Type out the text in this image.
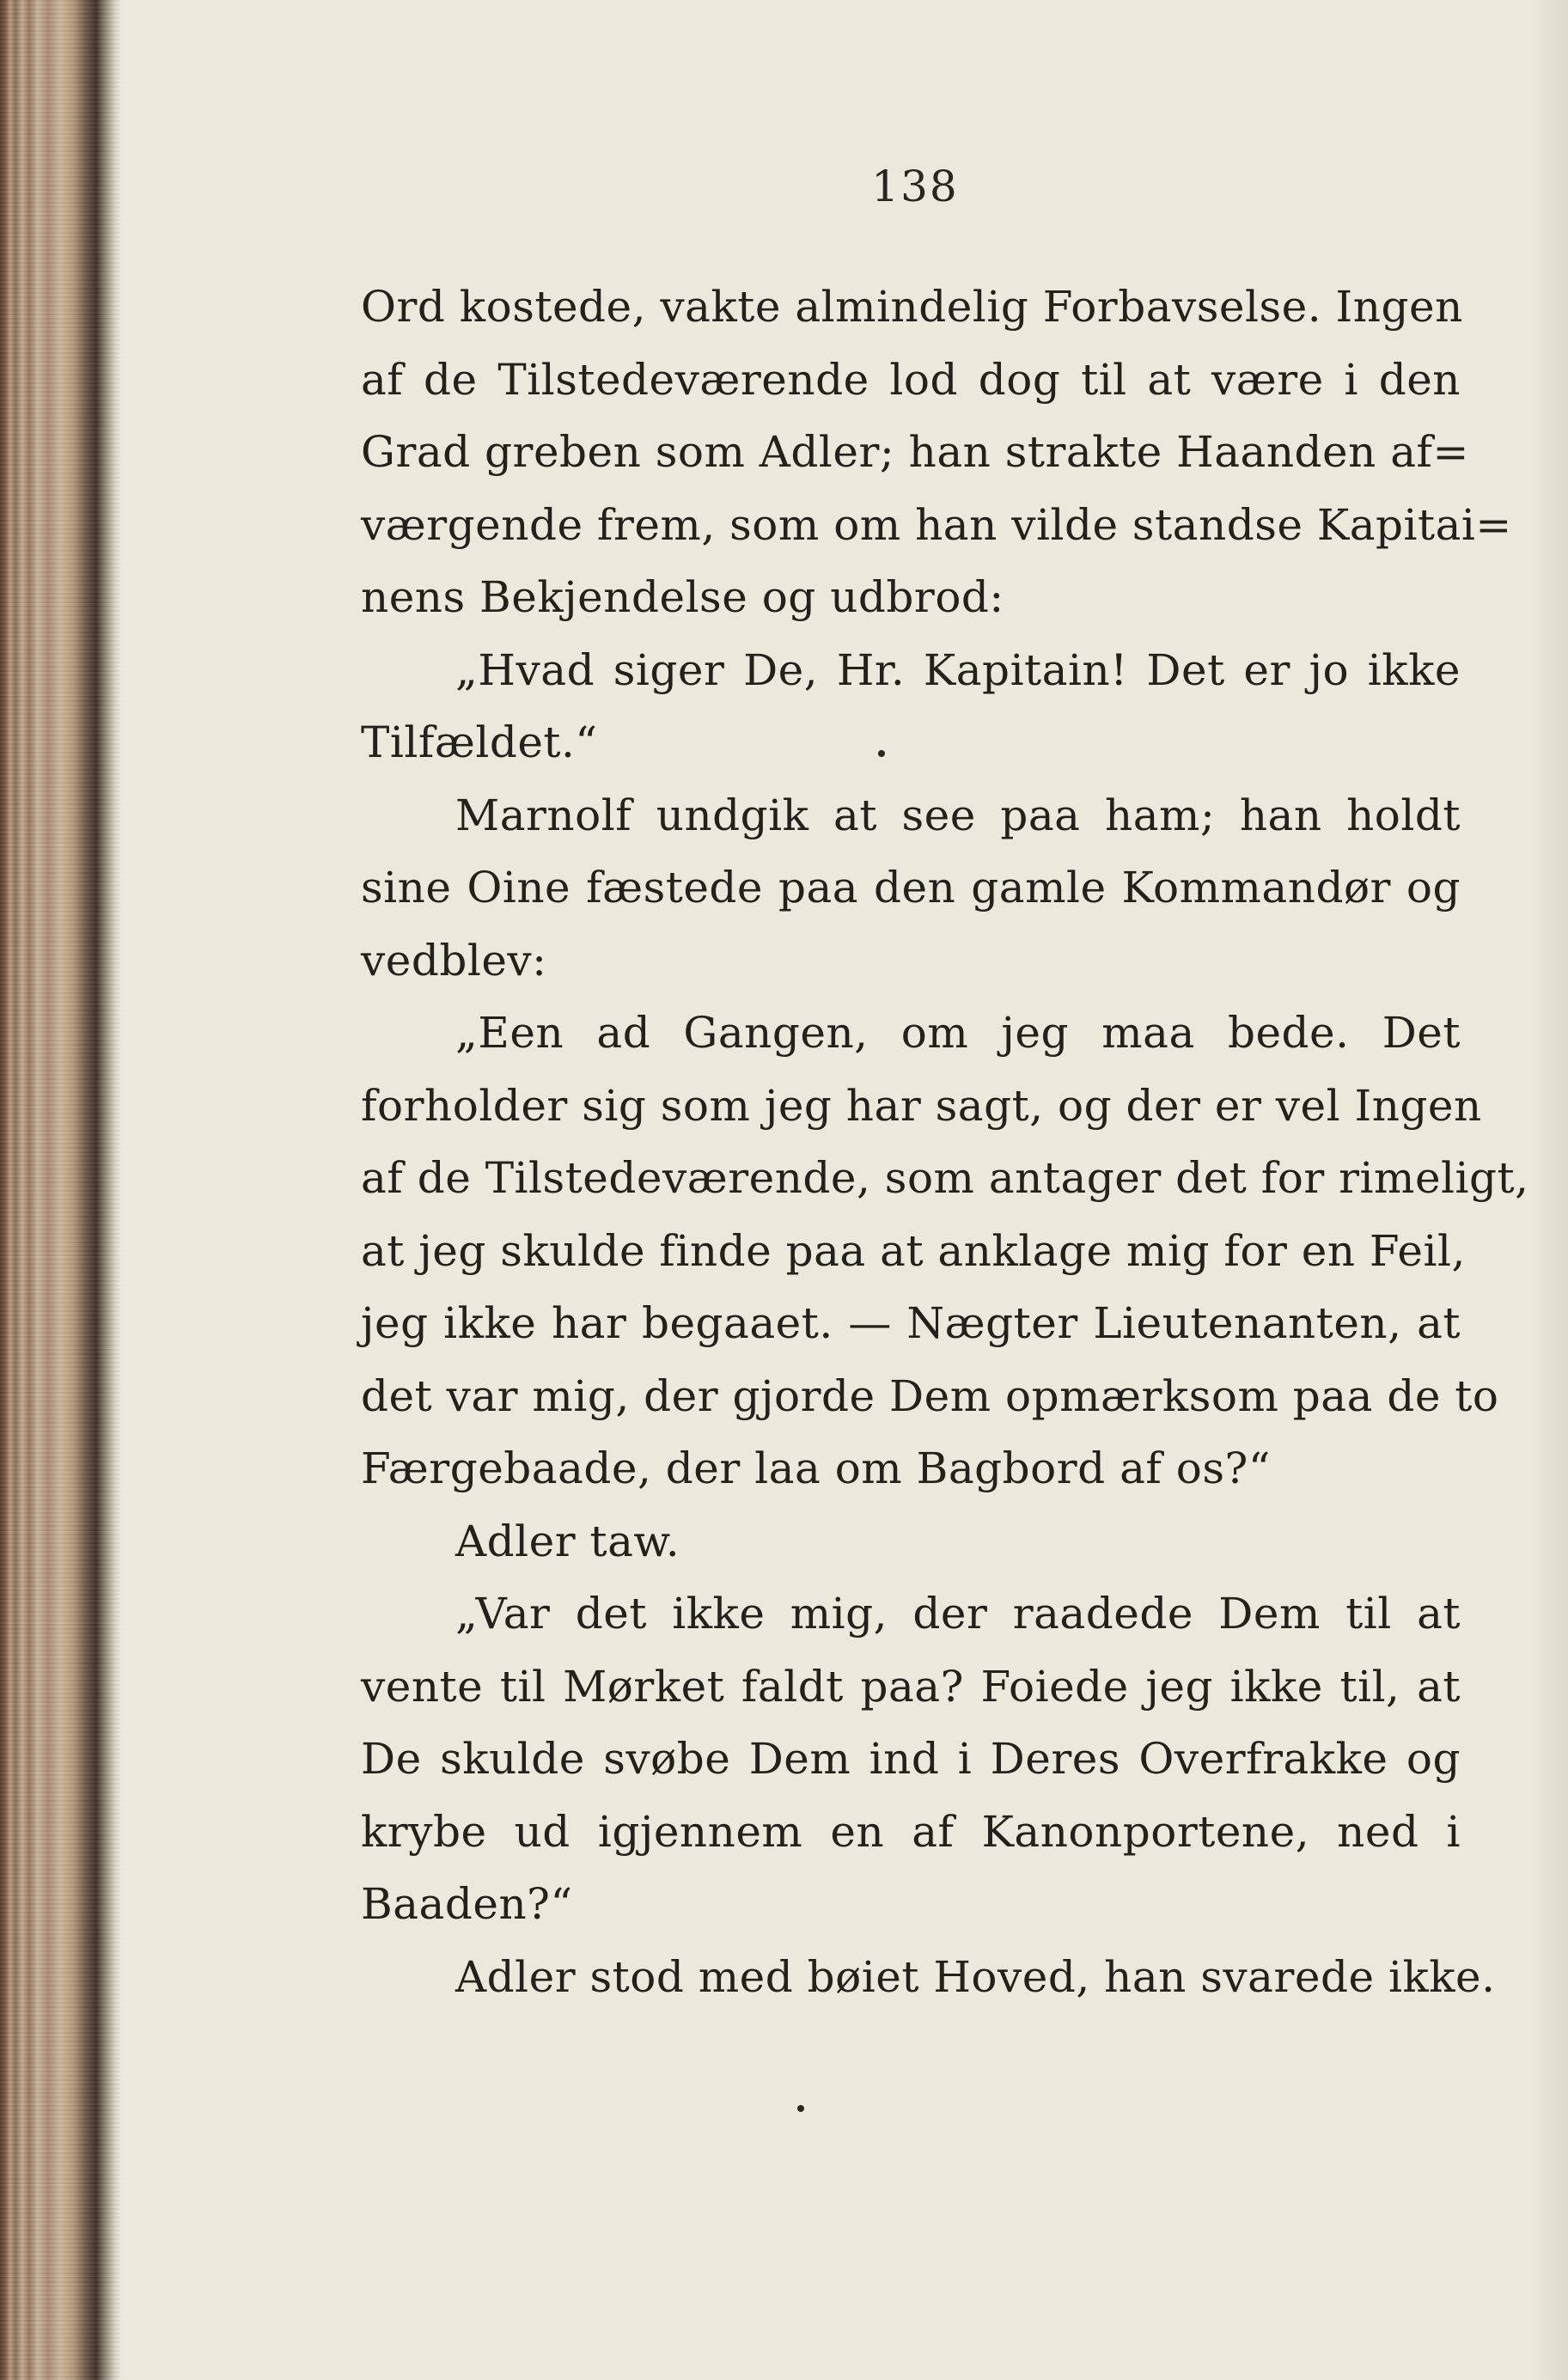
138
Ord kostede, vakte almindelig Forbavselse. Ingen
af de Tilstedeværende lod dog til at være i den
Grad greben som Adler; han strakte Haanden af=
værgende frem, som om han vilde standse Kapitai=
nens Bekjendelse og udbrod:
„Hvad siger De, Hr. Kapitain! Det er jo ikke
Tilfældet.“
Marnolf undgik at see paa ham; han holdt
sine Oine fæstede paa den gamle Kommandør og
vedblev:
„Een ad Gangen, om jeg maa bede. Det
forholder sig som jeg har sagt, og der er vel Ingen
af de Tilstedeværende, som antager det for rimeligt,
at jeg skulde finde paa at anklage mig for en Feil,
jeg ikke har begaaet. — Nægter Lieutenanten, at
det var mig, der gjorde Dem opmærksom paa de to
Færgebaade, der laa om Bagbord af os?“
Adler taw.
„Var det ikke mig, der raadede Dem til at
vente til Mørket faldt paa? Foiede jeg ikke til, at
De skulde svøbe Dem ind i Deres Overfrakke og
krybe ud igjennem en af Kanonportene, ned i
Baaden?“
Adler stod med bøiet Hoved, han svarede ikke.
